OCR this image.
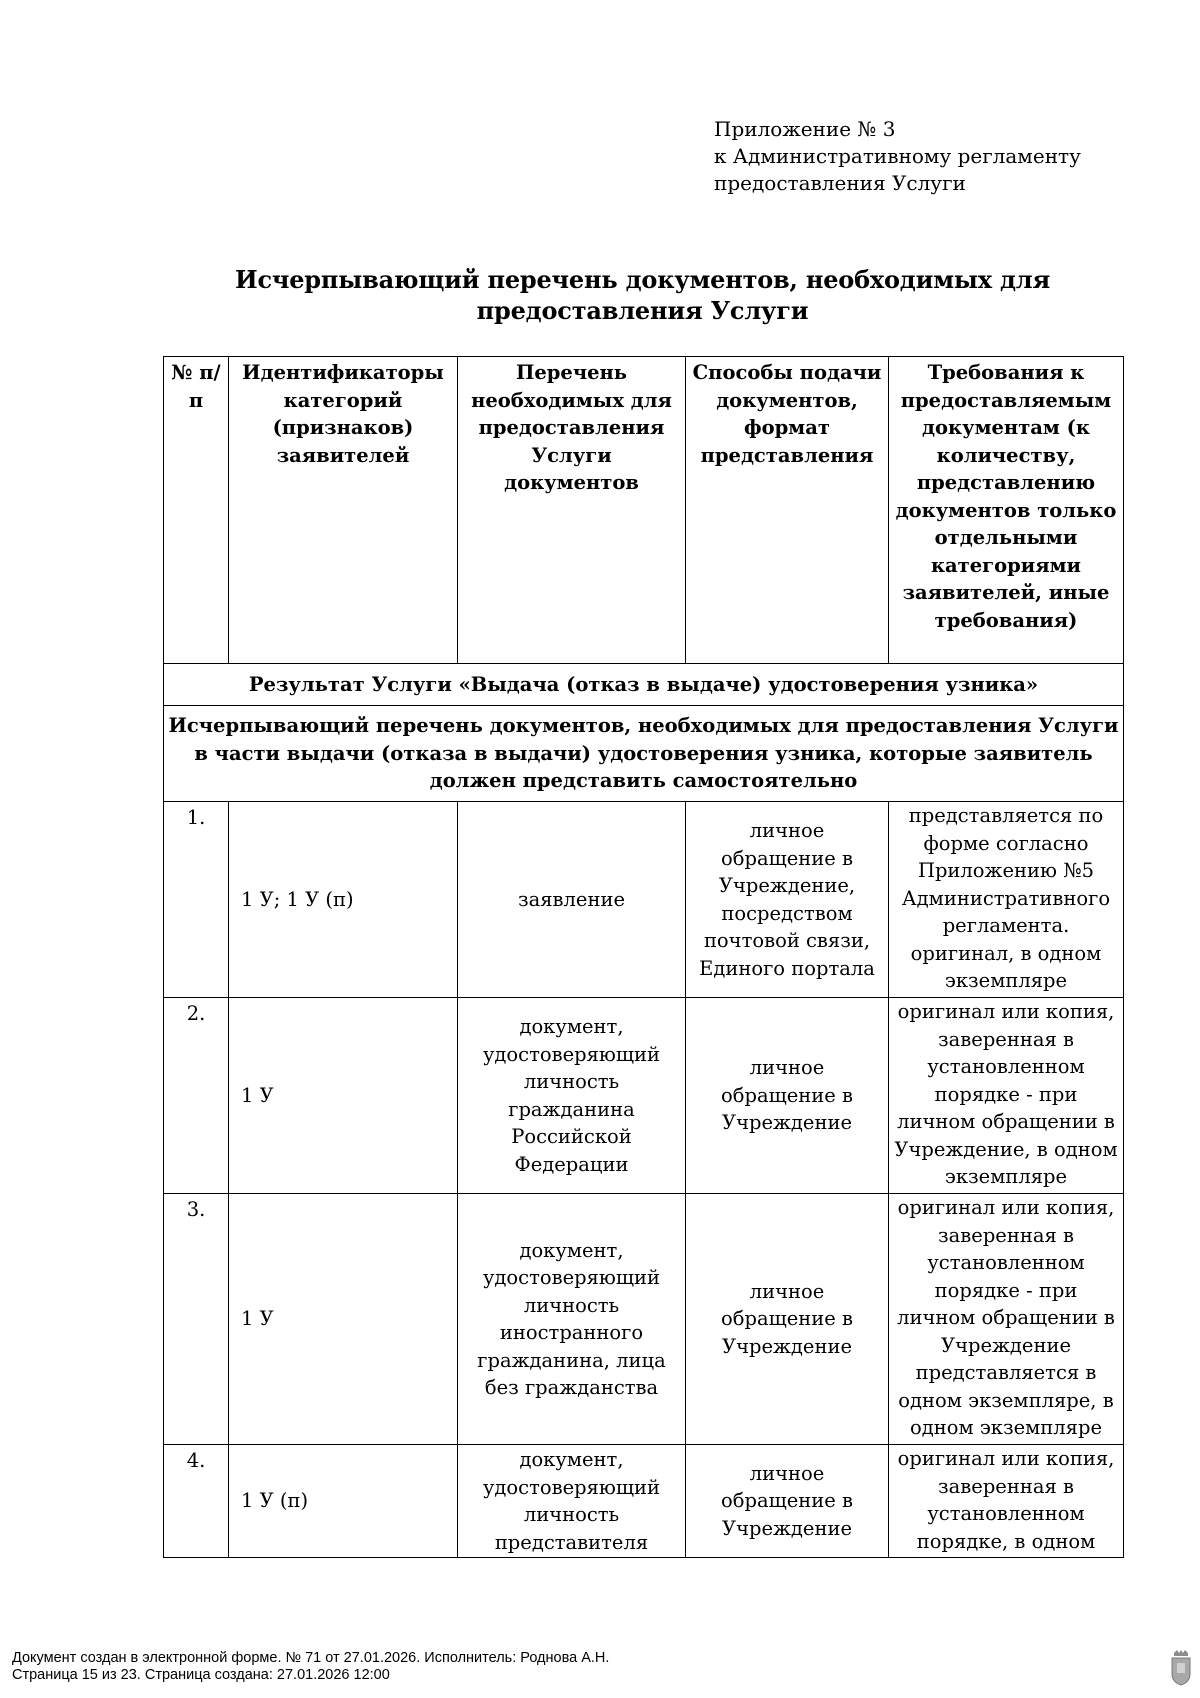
Приложение № 3
к Административному регламенту
предоставления Услуги
Исчерпывающий перечень документов, необходимых для предоставления Услуги
№ п/п	Идентификаторы категорий (признаков) заявителей	Перечень необходимых для предоставления Услуги документов	Способы подачи документов, формат представления	Требования к предоставляемым документам (к количеству, представлению документов только отдельными категориями заявителей, иные требования)
Результат Услуги «Выдача (отказ в выдаче) удостоверения узника»				
Исчерпывающий перечень документов, необходимых для предоставления Услуги в части выдачи (отказа в выдачи) удостоверения узника, которые заявитель должен представить самостоятельно				
1.	1 У; 1 У (п)	заявление	личное обращение в Учреждение, посредством почтовой связи, Единого портала	представляется по форме согласно Приложению №5 Административного регламента. оригинал, в одном экземпляре
2.	1 У	документ, удостоверяющий личность гражданина Российской Федерации	личное обращение в Учреждение	оригинал или копия, заверенная в установленном порядке - при личном обращении в Учреждение, в одном экземпляре
3.	1 У	документ, удостоверяющий личность иностранного гражданина, лица без гражданства	личное обращение в Учреждение	оригинал или копия, заверенная в установленном порядке - при личном обращении в Учреждение представляется в одном экземпляре, в одном экземпляре
4.	1 У (п)	документ, удостоверяющий личность представителя	личное обращение в Учреждение	оригинал или копия, заверенная в установленном порядке, в одном
Документ создан в электронной форме. № 71 от 27.01.2026. Исполнитель: Роднова А.Н.
Страница 15 из 23. Страница создана: 27.01.2026 12:00
